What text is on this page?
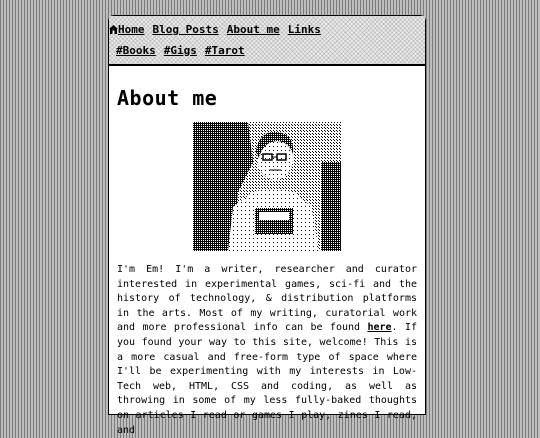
Home Blog Posts About me Links
#Books #Gigs #Tarot
About me

I'm Em! I'm a writer, researcher and curator interested in experimental games, sci-fi and the history of technology, & distribution platforms in the arts. Most of my writing, curatorial work and more professional info can be found here. If you found your way to this site, welcome! This is a more casual and free-form type of space where I'll be experimenting with my interests in Low-Tech web, HTML, CSS and coding, as well as throwing in some of my less fully-baked thoughts on articles I read or games I play, zines I read, and
